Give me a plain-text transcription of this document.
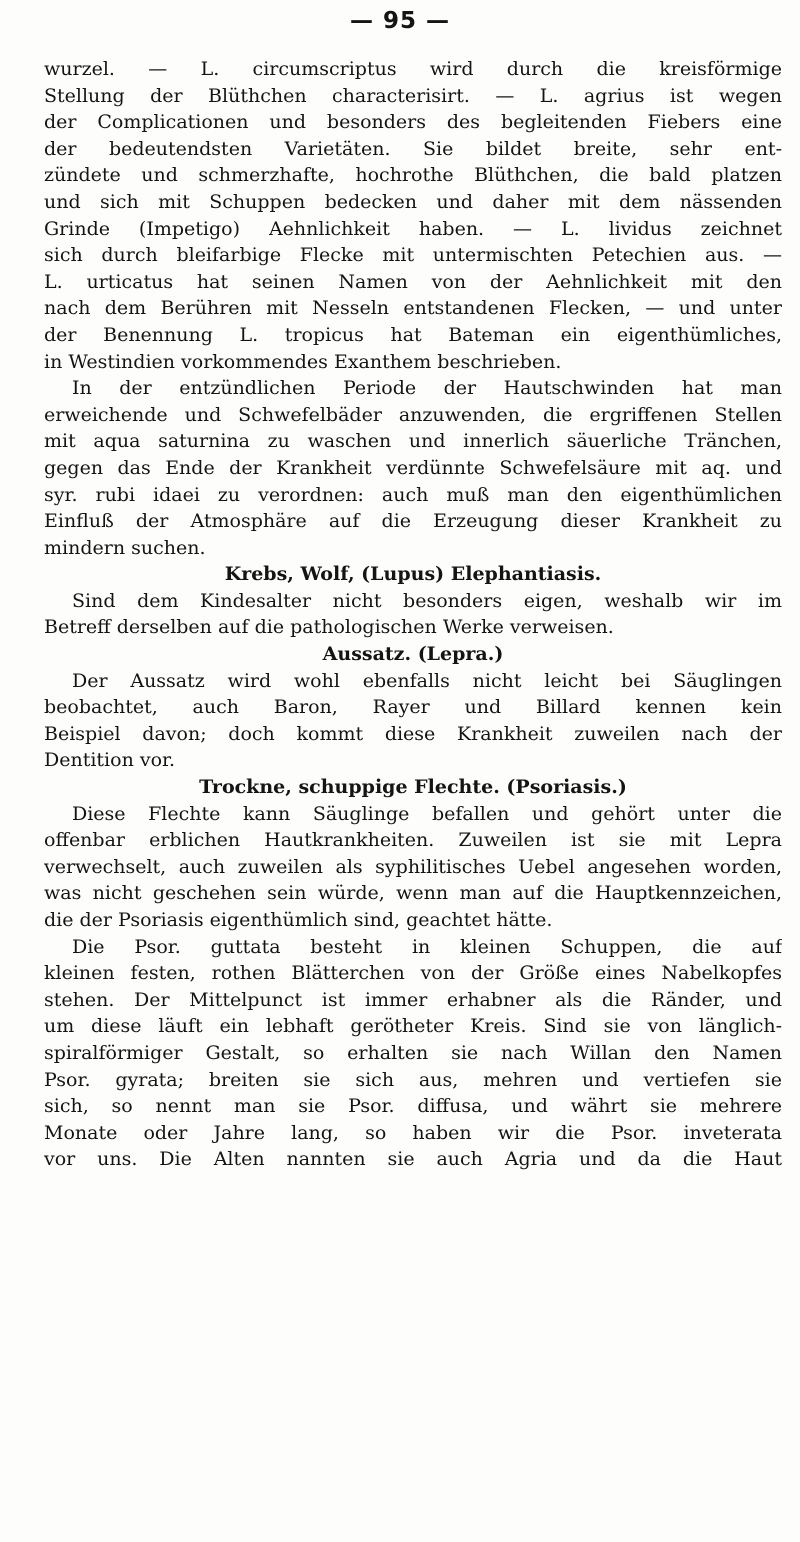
— 95 —
wurzel. — L. circumscriptus wird durch die kreisförmige
Stellung der Blüthchen characterisirt. — L. agrius ist wegen
der Complicationen und besonders des begleitenden Fiebers eine
der bedeutendsten Varietäten. Sie bildet breite, sehr ent-
zündete und schmerzhafte, hochrothe Blüthchen, die bald platzen
und sich mit Schuppen bedecken und daher mit dem nässenden
Grinde (Impetigo) Aehnlichkeit haben. — L. lividus zeichnet
sich durch bleifarbige Flecke mit untermischten Petechien aus. —
L. urticatus hat seinen Namen von der Aehnlichkeit mit den
nach dem Berühren mit Nesseln entstandenen Flecken, — und unter
der Benennung L. tropicus hat Bateman ein eigenthümliches,
in Westindien vorkommendes Exanthem beschrieben.
In der entzündlichen Periode der Hautschwinden hat man
erweichende und Schwefelbäder anzuwenden, die ergriffenen Stellen
mit aqua saturnina zu waschen und innerlich säuerliche Tränchen,
gegen das Ende der Krankheit verdünnte Schwefelsäure mit aq. und
syr. rubi idaei zu verordnen: auch muß man den eigenthümlichen
Einfluß der Atmosphäre auf die Erzeugung dieser Krankheit zu
mindern suchen.
Krebs, Wolf, (Lupus) Elephantiasis.
Sind dem Kindesalter nicht besonders eigen, weshalb wir im
Betreff derselben auf die pathologischen Werke verweisen.
Aussatz. (Lepra.)
Der Aussatz wird wohl ebenfalls nicht leicht bei Säuglingen
beobachtet, auch Baron, Rayer und Billard kennen kein
Beispiel davon; doch kommt diese Krankheit zuweilen nach der
Dentition vor.
Trockne, schuppige Flechte. (Psoriasis.)
Diese Flechte kann Säuglinge befallen und gehört unter die
offenbar erblichen Hautkrankheiten. Zuweilen ist sie mit Lepra
verwechselt, auch zuweilen als syphilitisches Uebel angesehen worden,
was nicht geschehen sein würde, wenn man auf die Hauptkennzeichen,
die der Psoriasis eigenthümlich sind, geachtet hätte.
Die Psor. guttata besteht in kleinen Schuppen, die auf
kleinen festen, rothen Blätterchen von der Größe eines Nabelkopfes
stehen. Der Mittelpunct ist immer erhabner als die Ränder, und
um diese läuft ein lebhaft gerötheter Kreis. Sind sie von länglich-
spiralförmiger Gestalt, so erhalten sie nach Willan den Namen
Psor. gyrata; breiten sie sich aus, mehren und vertiefen sie
sich, so nennt man sie Psor. diffusa, und währt sie mehrere
Monate oder Jahre lang, so haben wir die Psor. inveterata
vor uns. Die Alten nannten sie auch Agria und da die Haut
